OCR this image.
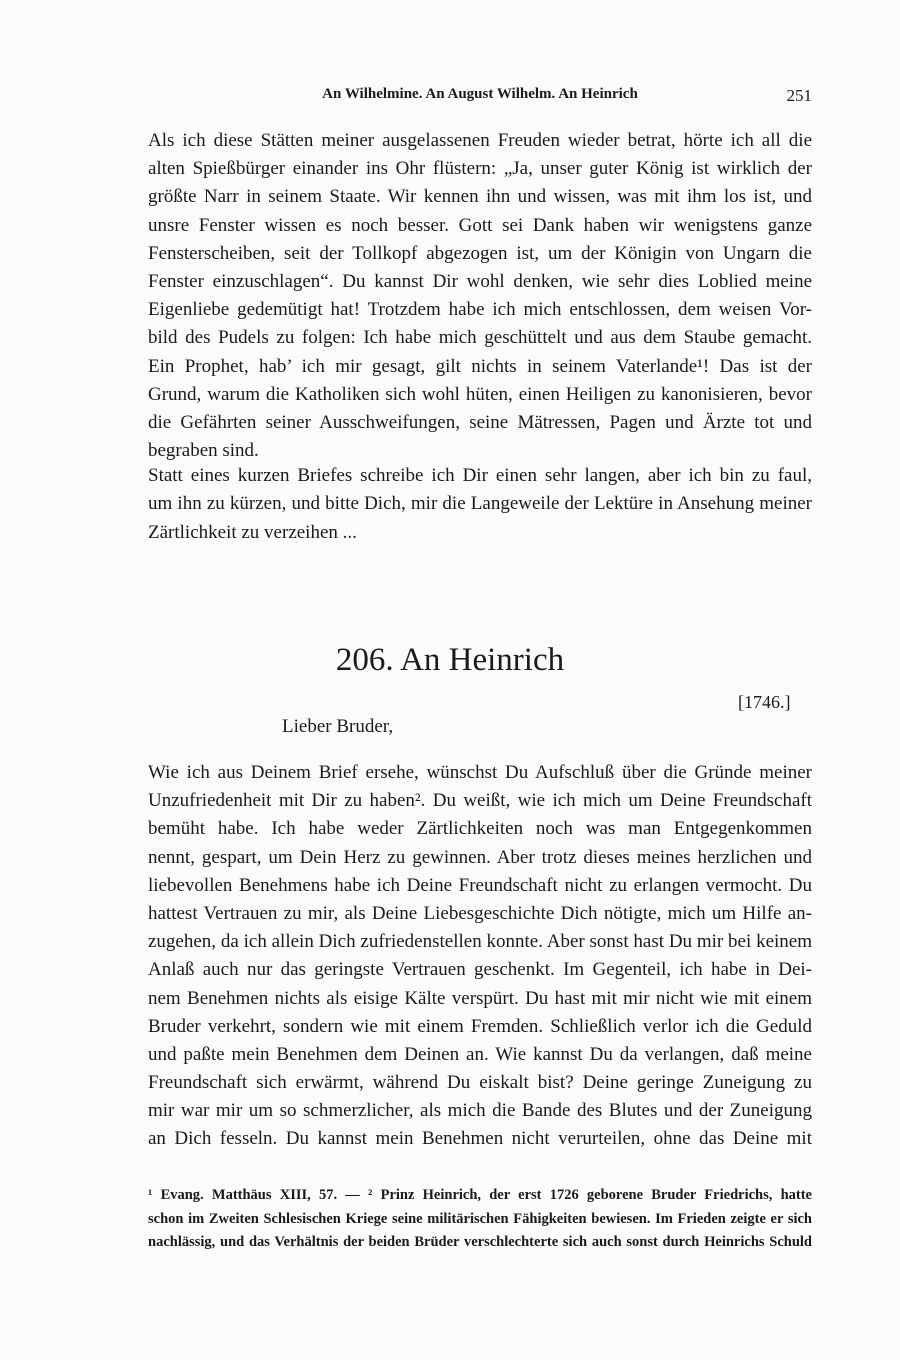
An Wilhelmine. An August Wilhelm. An Heinrich	251
Als ich diese Stätten meiner ausgelassenen Freuden wieder betrat, hörte ich all die
alten Spießbürger einander ins Ohr flüstern: „Ja, unser guter König ist wirklich der
größte Narr in seinem Staate. Wir kennen ihn und wissen, was mit ihm los ist, und
unsre Fenster wissen es noch besser. Gott sei Dank haben wir wenigstens ganze
Fensterscheiben, seit der Tollkopf abgezogen ist, um der Königin von Ungarn die
Fenster einzuschlagen“. Du kannst Dir wohl denken, wie sehr dies Loblied meine
Eigenliebe gedemütigt hat! Trotzdem habe ich mich entschlossen, dem weisen Vor-
bild des Pudels zu folgen: Ich habe mich geschüttelt und aus dem Staube gemacht.
Ein Prophet, hab’ ich mir gesagt, gilt nichts in seinem Vaterlande¹! Das ist der
Grund, warum die Katholiken sich wohl hüten, einen Heiligen zu kanonisieren, bevor
die Gefährten seiner Ausschweifungen, seine Mätressen, Pagen und Ärzte tot und
begraben sind.
Statt eines kurzen Briefes schreibe ich Dir einen sehr langen, aber ich bin zu faul,
um ihn zu kürzen, und bitte Dich, mir die Langeweile der Lektüre in Ansehung meiner
Zärtlichkeit zu verzeihen ...
206. An Heinrich
[1746.]
Lieber Bruder,
Wie ich aus Deinem Brief ersehe, wünschst Du Aufschluß über die Gründe meiner
Unzufriedenheit mit Dir zu haben². Du weißt, wie ich mich um Deine Freundschaft
bemüht habe. Ich habe weder Zärtlichkeiten noch was man Entgegenkommen
nennt, gespart, um Dein Herz zu gewinnen. Aber trotz dieses meines herzlichen und
liebevollen Benehmens habe ich Deine Freundschaft nicht zu erlangen vermocht. Du
hattest Vertrauen zu mir, als Deine Liebesgeschichte Dich nötigte, mich um Hilfe an-
zugehen, da ich allein Dich zufriedenstellen konnte. Aber sonst hast Du mir bei keinem
Anlaß auch nur das geringste Vertrauen geschenkt. Im Gegenteil, ich habe in Dei-
nem Benehmen nichts als eisige Kälte verspürt. Du hast mit mir nicht wie mit einem
Bruder verkehrt, sondern wie mit einem Fremden. Schließlich verlor ich die Geduld
und paßte mein Benehmen dem Deinen an. Wie kannst Du da verlangen, daß meine
Freundschaft sich erwärmt, während Du eiskalt bist? Deine geringe Zuneigung zu
mir war mir um so schmerzlicher, als mich die Bande des Blutes und der Zuneigung
an Dich fesseln. Du kannst mein Benehmen nicht verurteilen, ohne das Deine mit
¹ Evang. Matthäus XIII, 57. — ² Prinz Heinrich, der erst 1726 geborene Bruder Friedrichs, hatte
schon im Zweiten Schlesischen Kriege seine militärischen Fähigkeiten bewiesen. Im Frieden zeigte er sich
nachlässig, und das Verhältnis der beiden Brüder verschlechterte sich auch sonst durch Heinrichs Schuld
